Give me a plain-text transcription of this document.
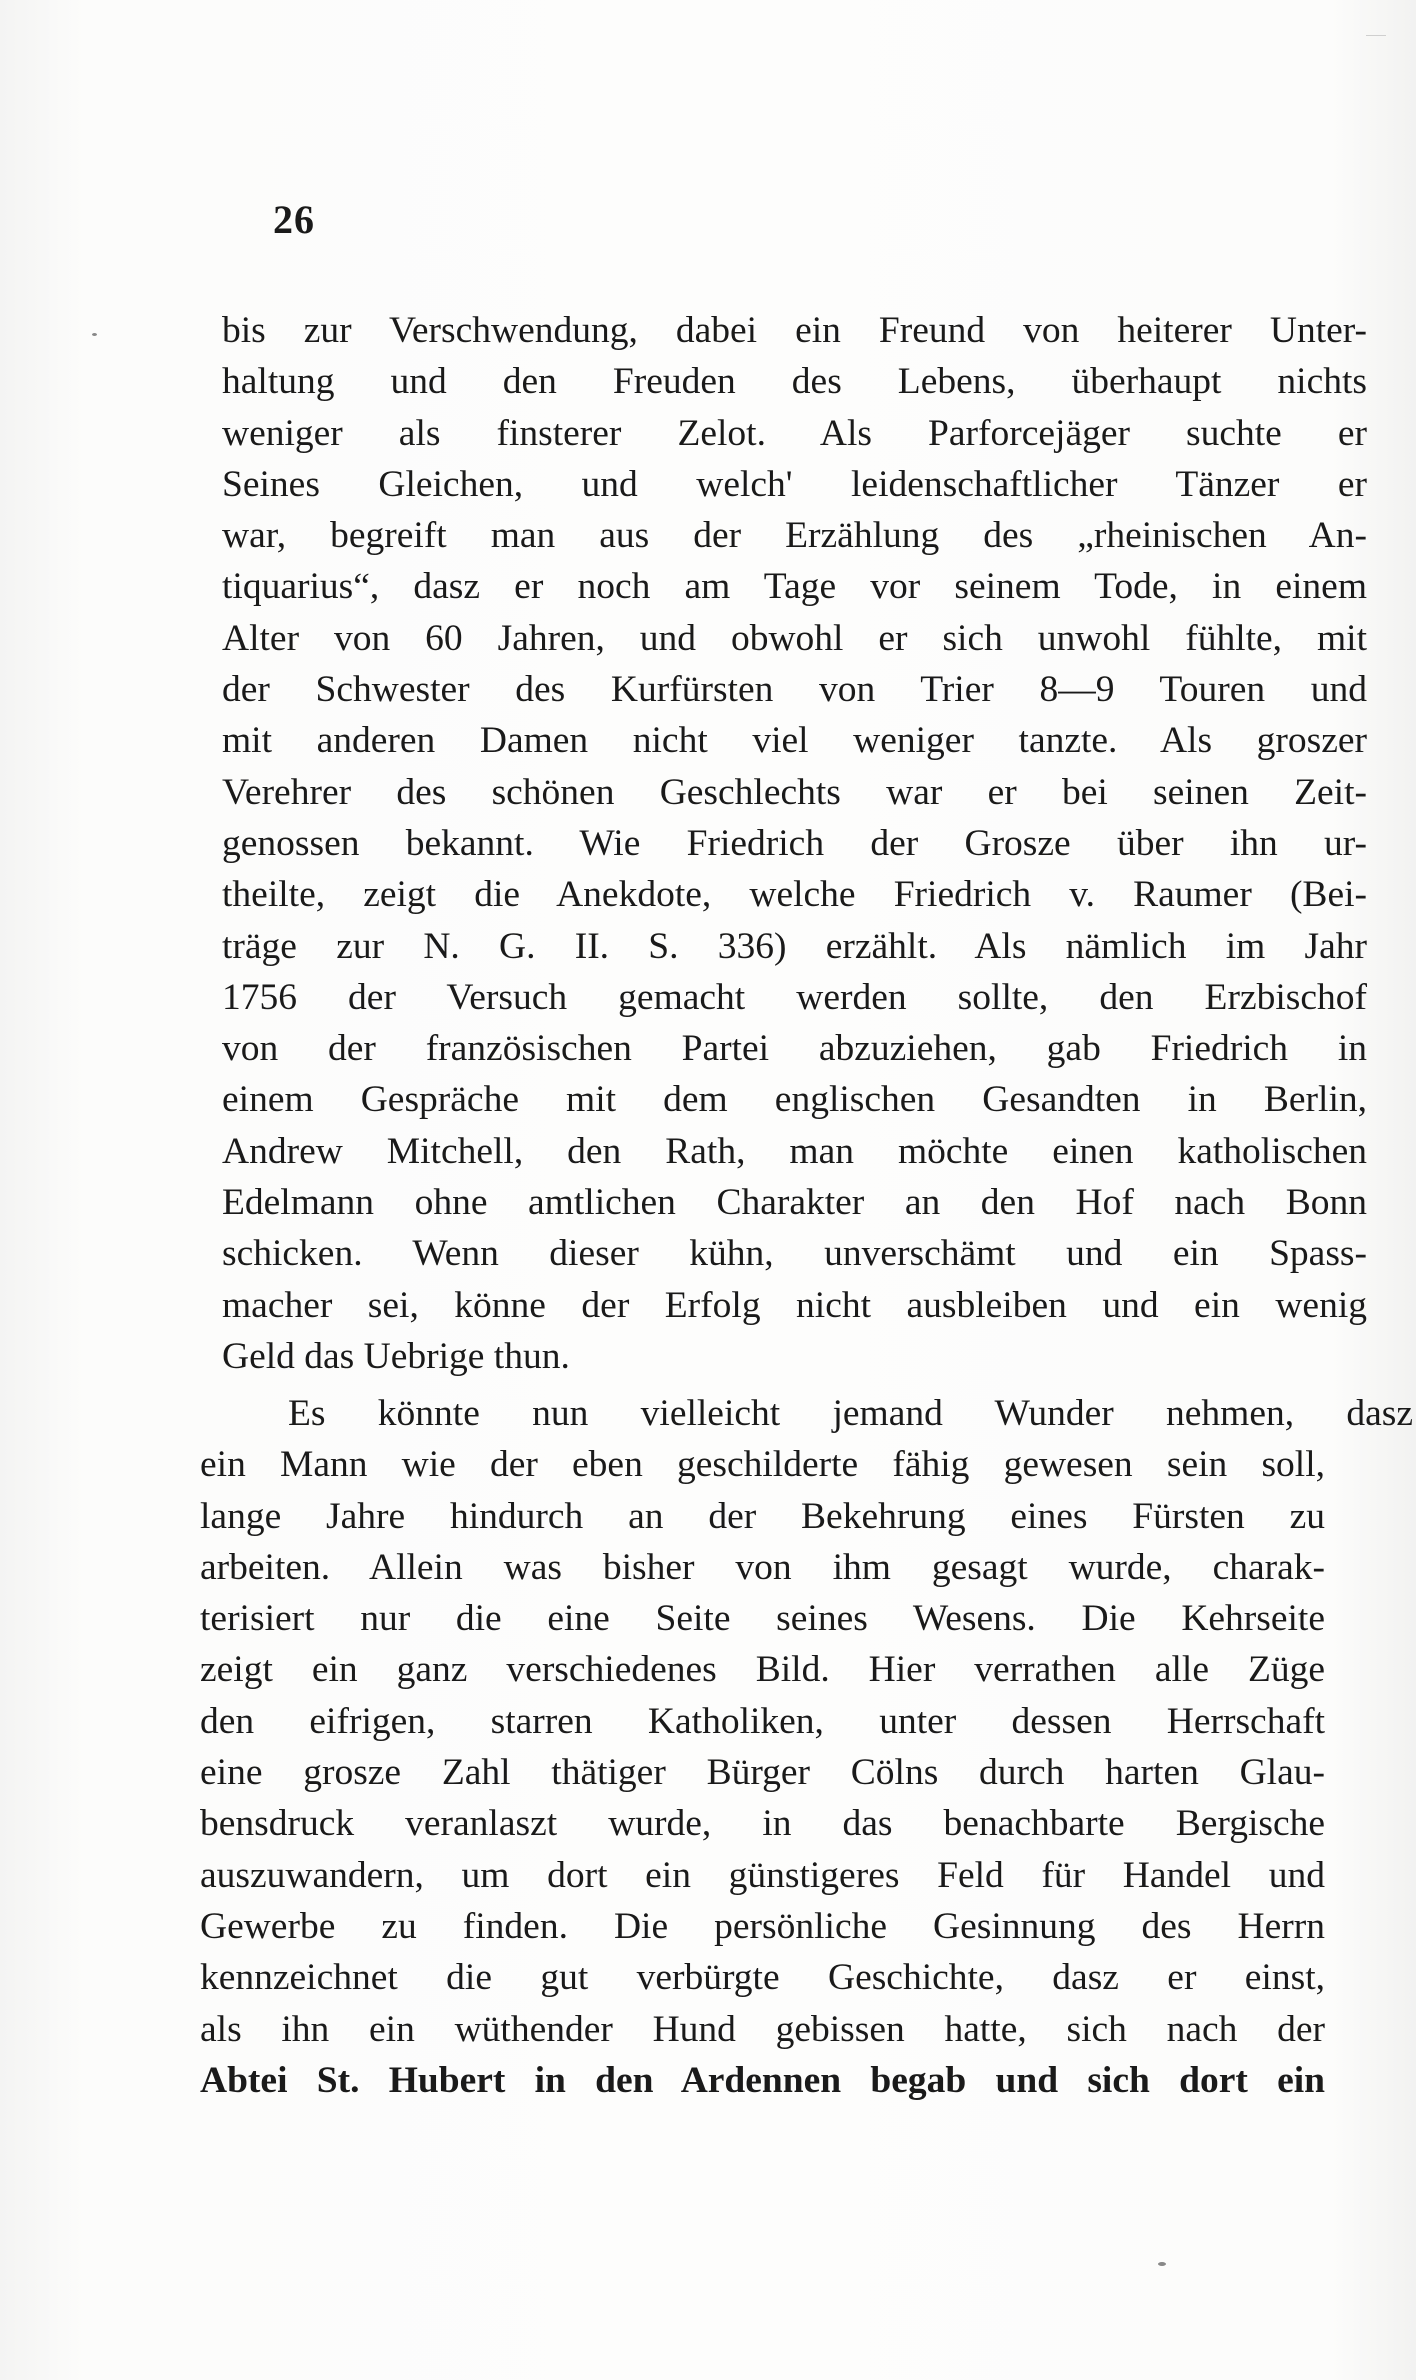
26
bis zur Verschwendung, dabei ein Freund von heiterer Unter-
haltung und den Freuden des Lebens, überhaupt nichts
weniger als finsterer Zelot. Als Parforcejäger suchte er
Seines Gleichen, und welch' leidenschaftlicher Tänzer er
war, begreift man aus der Erzählung des „rheinischen An-
tiquarius“, dasz er noch am Tage vor seinem Tode, in einem
Alter von 60 Jahren, und obwohl er sich unwohl fühlte, mit
der Schwester des Kurfürsten von Trier 8—9 Touren und
mit anderen Damen nicht viel weniger tanzte. Als groszer
Verehrer des schönen Geschlechts war er bei seinen Zeit-
genossen bekannt. Wie Friedrich der Grosze über ihn ur-
theilte, zeigt die Anekdote, welche Friedrich v. Raumer (Bei-
träge zur N. G. II. S. 336) erzählt. Als nämlich im Jahr
1756 der Versuch gemacht werden sollte, den Erzbischof
von der französischen Partei abzuziehen, gab Friedrich in
einem Gespräche mit dem englischen Gesandten in Berlin,
Andrew Mitchell, den Rath, man möchte einen katholischen
Edelmann ohne amtlichen Charakter an den Hof nach Bonn
schicken. Wenn dieser kühn, unverschämt und ein Spass-
macher sei, könne der Erfolg nicht ausbleiben und ein wenig
Geld das Uebrige thun.
Es könnte nun vielleicht jemand Wunder nehmen, dasz
ein Mann wie der eben geschilderte fähig gewesen sein soll,
lange Jahre hindurch an der Bekehrung eines Fürsten zu
arbeiten. Allein was bisher von ihm gesagt wurde, charak-
terisiert nur die eine Seite seines Wesens. Die Kehrseite
zeigt ein ganz verschiedenes Bild. Hier verrathen alle Züge
den eifrigen, starren Katholiken, unter dessen Herrschaft
eine grosze Zahl thätiger Bürger Cölns durch harten Glau-
bensdruck veranlaszt wurde, in das benachbarte Bergische
auszuwandern, um dort ein günstigeres Feld für Handel und
Gewerbe zu finden. Die persönliche Gesinnung des Herrn
kennzeichnet die gut verbürgte Geschichte, dasz er einst,
als ihn ein wüthender Hund gebissen hatte, sich nach der
Abtei St. Hubert in den Ardennen begab und sich dort ein
